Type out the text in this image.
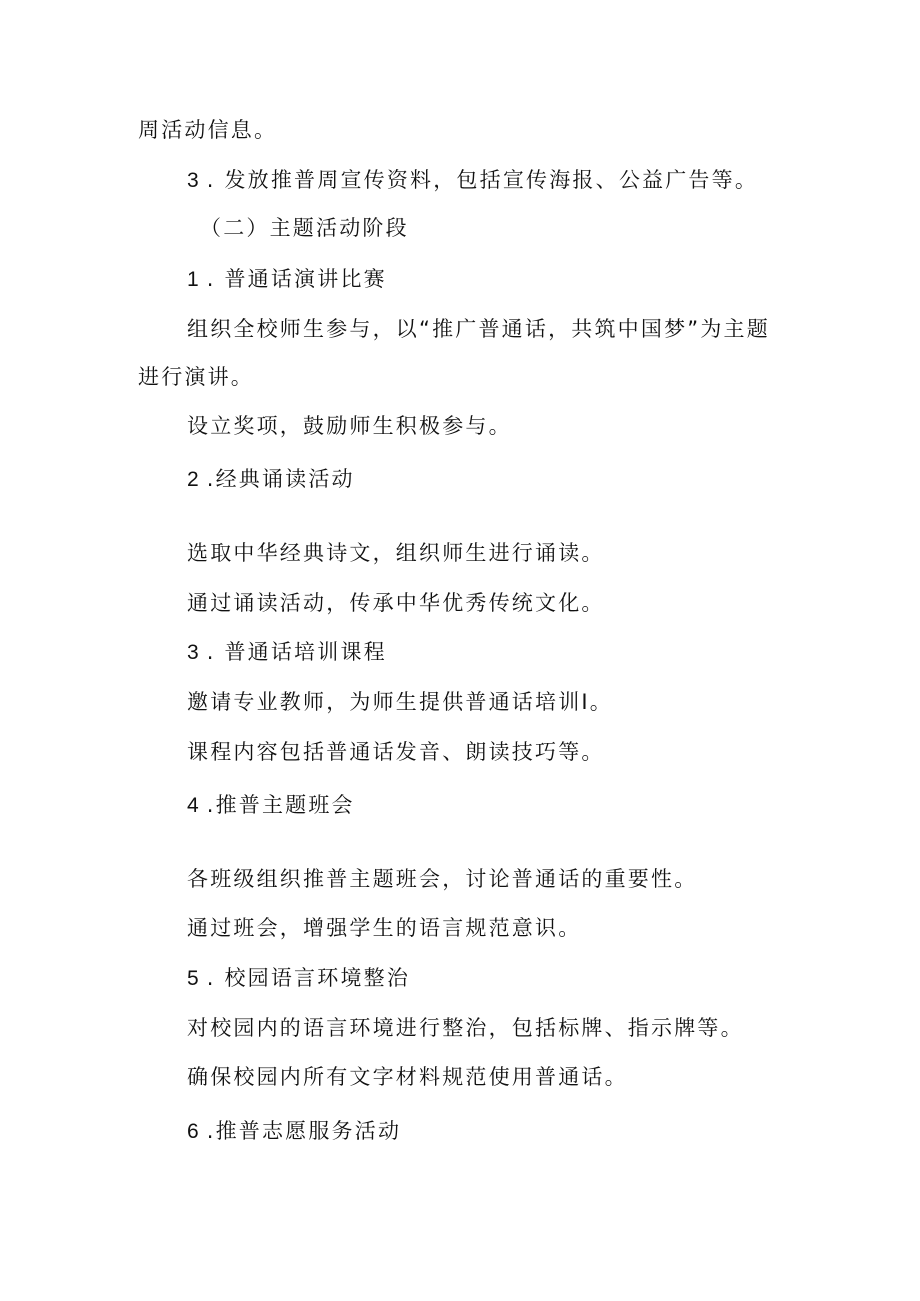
周活动信息。
3 . 发放推普周宣传资料，包括宣传海报、公益广告等。
（二）主题活动阶段
1 . 普通话演讲比赛
组织全校师生参与，以“推广普通话，共筑中国梦”为主题
进行演讲。
设立奖项，鼓励师生积极参与。
2 .经典诵读活动
选取中华经典诗文，组织师生进行诵读。
通过诵读活动，传承中华优秀传统文化。
3 . 普通话培训课程
邀请专业教师，为师生提供普通话培训I。
课程内容包括普通话发音、朗读技巧等。
4 .推普主题班会
各班级组织推普主题班会，讨论普通话的重要性。
通过班会，增强学生的语言规范意识。
5 . 校园语言环境整治
对校园内的语言环境进行整治，包括标牌、指示牌等。
确保校园内所有文字材料规范使用普通话。
6 .推普志愿服务活动
